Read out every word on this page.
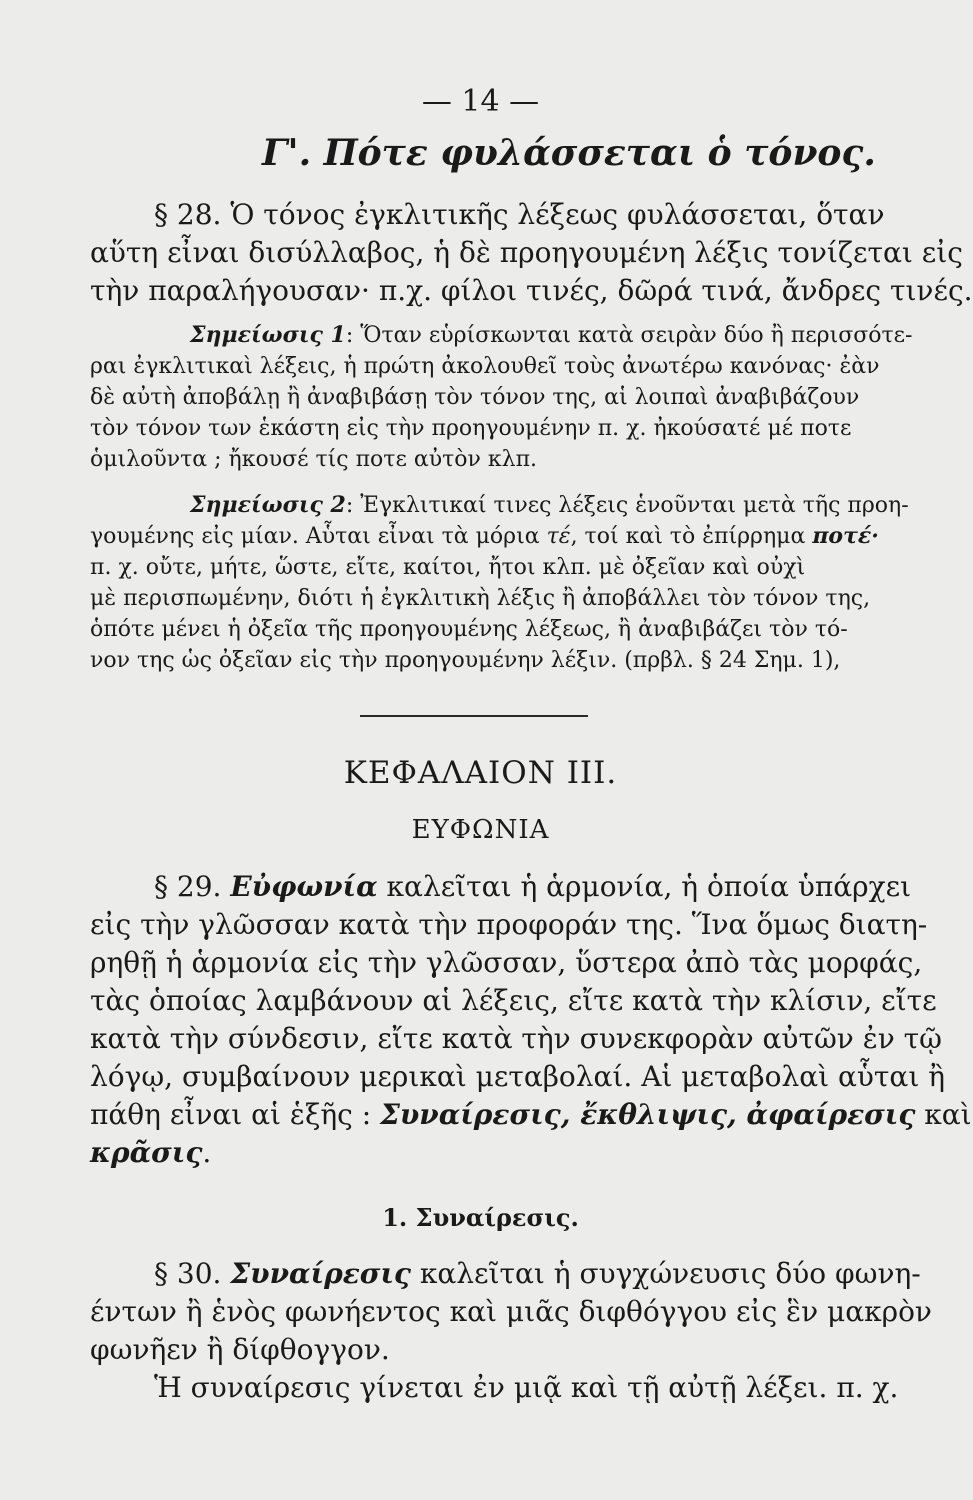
— 14 —
Γ'. Πότε φυλάσσεται ὁ τόνος.
§ 28. Ὁ τόνος ἐγκλιτικῆς λέξεως φυλάσσεται, ὅταν
αὕτη εἶναι δισύλλαβος, ἡ δὲ προηγουμένη λέξις τονίζεται εἰς
τὴν παραλήγουσαν· π.χ. φίλοι τινές, δῶρά τινά, ἄνδρες τινές.
Σημείωσις 1: Ὅταν εὑρίσκωνται κατὰ σειρὰν δύο ἢ περισσότε-
ραι ἐγκλιτικαὶ λέξεις, ἡ πρώτη ἀκολουθεῖ τοὺς ἀνωτέρω κανόνας· ἐὰν
δὲ αὐτὴ ἀποβάλῃ ἢ ἀναβιβάσῃ τὸν τόνον της, αἱ λοιπαὶ ἀναβιβάζουν
τὸν τόνον των ἑκάστη εἰς τὴν προηγουμένην π. χ. ἠκούσατέ μέ ποτε
ὁμιλοῦντα ; ἤκουσέ τίς ποτε αὐτὸν κλπ.
Σημείωσις 2: Ἐγκλιτικαί τινες λέξεις ἑνοῦνται μετὰ τῆς προη-
γουμένης εἰς μίαν. Αὗται εἶναι τὰ μόρια τέ, τοί καὶ τὸ ἐπίρρημα ποτέ·
π. χ. οὔτε, μήτε, ὥστε, εἴτε, καίτοι, ἤτοι κλπ. μὲ ὀξεῖαν καὶ οὐχὶ
μὲ περισπωμένην, διότι ἡ ἐγκλιτικὴ λέξις ἢ ἀποβάλλει τὸν τόνον της,
ὁπότε μένει ἡ ὀξεῖα τῆς προηγουμένης λέξεως, ἢ ἀναβιβάζει τὸν τό-
νον της ὡς ὀξεῖαν εἰς τὴν προηγουμένην λέξιν. (πρβλ. § 24 Σημ. 1),
ΚΕΦΑΛΑΙΟΝ ΙΙΙ.
ΕΥΦΩΝΙΑ
§ 29. Εὐφωνία καλεῖται ἡ ἁρμονία, ἡ ὁποία ὑπάρχει
εἰς τὴν γλῶσσαν κατὰ τὴν προφοράν της. Ἵνα ὅμως διατη-
ρηθῇ ἡ ἁρμονία εἰς τὴν γλῶσσαν, ὕστερα ἀπὸ τὰς μορφάς,
τὰς ὁποίας λαμβάνουν αἱ λέξεις, εἴτε κατὰ τὴν κλίσιν, εἴτε
κατὰ τὴν σύνδεσιν, εἴτε κατὰ τὴν συνεκφορὰν αὐτῶν ἐν τῷ
λόγῳ, συμβαίνουν μερικαὶ μεταβολαί. Αἱ μεταβολαὶ αὗται ἢ
πάθη εἶναι αἱ ἑξῆς : Συναίρεσις, ἔκθλιψις, ἀφαίρεσις καὶ
κρᾶσις.
1. Συναίρεσις.
§ 30. Συναίρεσις καλεῖται ἡ συγχώνευσις δύο φωνη-
έντων ἢ ἑνὸς φωνήεντος καὶ μιᾶς διφθόγγου εἰς ἓν μακρὸν
φωνῆεν ἢ δίφθογγον.
Ἡ συναίρεσις γίνεται ἐν μιᾷ καὶ τῇ αὐτῇ λέξει. π. χ.
